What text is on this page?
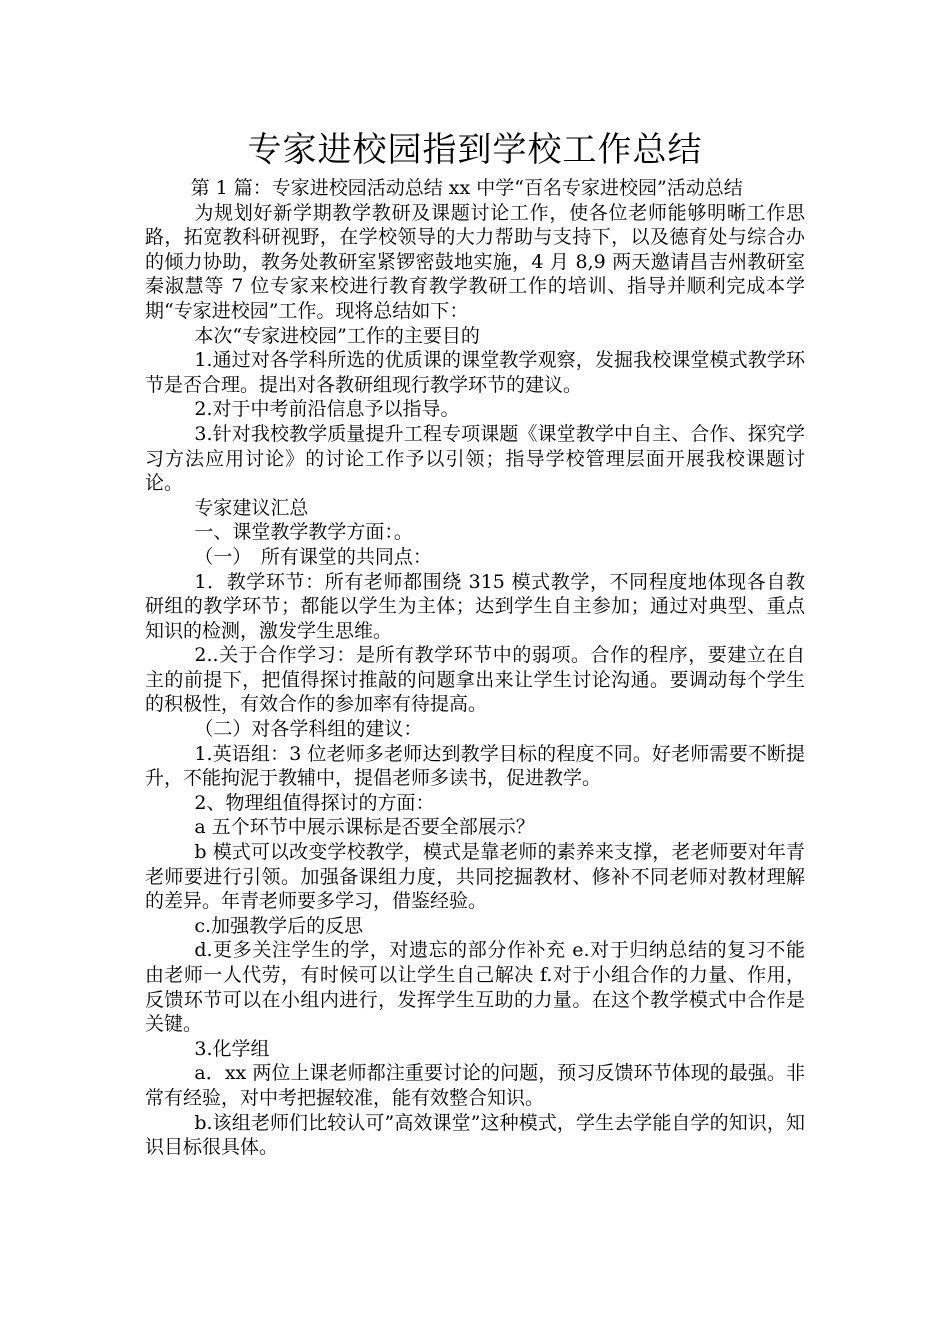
专家进校园指到学校工作总结

第 1 篇：专家进校园活动总结 xx 中学“百名专家进校园”活动总结

为规划好新学期教学教研及课题讨论工作，使各位老师能够明晰工作思路，拓宽教科研视野，在学校领导的大力帮助与支持下，以及德育处与综合办的倾力协助，教务处教研室紧锣密鼓地实施，4 月 8,9 两天邀请昌吉州教研室秦淑慧等 7 位专家来校进行教育教学教研工作的培训、指导并顺利完成本学期“专家进校园”工作。现将总结如下：

本次“专家进校园”工作的主要目的

1.通过对各学科所选的优质课的课堂教学观察，发掘我校课堂模式教学环节是否合理。提出对各教研组现行教学环节的建议。

2.对于中考前沿信息予以指导。

3.针对我校教学质量提升工程专项课题《课堂教学中自主、合作、探究学习方法应用讨论》的讨论工作予以引领；指导学校管理层面开展我校课题讨论。

专家建议汇总

一、课堂教学教学方面：。

（一）　所有课堂的共同点：

1．教学环节：所有老师都围绕 315 模式教学，不同程度地体现各自教研组的教学环节；都能以学生为主体；达到学生自主参加；通过对典型、重点知识的检测，激发学生思维。

2..关于合作学习：是所有教学环节中的弱项。合作的程序，要建立在自主的前提下，把值得探讨推敲的问题拿出来让学生讨论沟通。要调动每个学生的积极性，有效合作的参加率有待提高。

（二）对各学科组的建议：

1.英语组：3 位老师多老师达到教学目标的程度不同。好老师需要不断提升，不能拘泥于教辅中，提倡老师多读书，促进教学。

2、物理组值得探讨的方面：

a 五个环节中展示课标是否要全部展示？

b 模式可以改变学校教学，模式是靠老师的素养来支撑，老老师要对年青老师要进行引领。加强备课组力度，共同挖掘教材、修补不同老师对教材理解的差异。年青老师要多学习，借鉴经验。

c.加强教学后的反思

d.更多关注学生的学，对遗忘的部分作补充 e.对于归纳总结的复习不能由老师一人代劳，有时候可以让学生自己解决 f.对于小组合作的力量、作用，反馈环节可以在小组内进行，发挥学生互助的力量。在这个教学模式中合作是关键。

3.化学组

a．xx 两位上课老师都注重要讨论的问题，预习反馈环节体现的最强。非常有经验，对中考把握较准，能有效整合知识。

b.该组老师们比较认可”高效课堂”这种模式，学生去学能自学的知识，知识目标很具体。
